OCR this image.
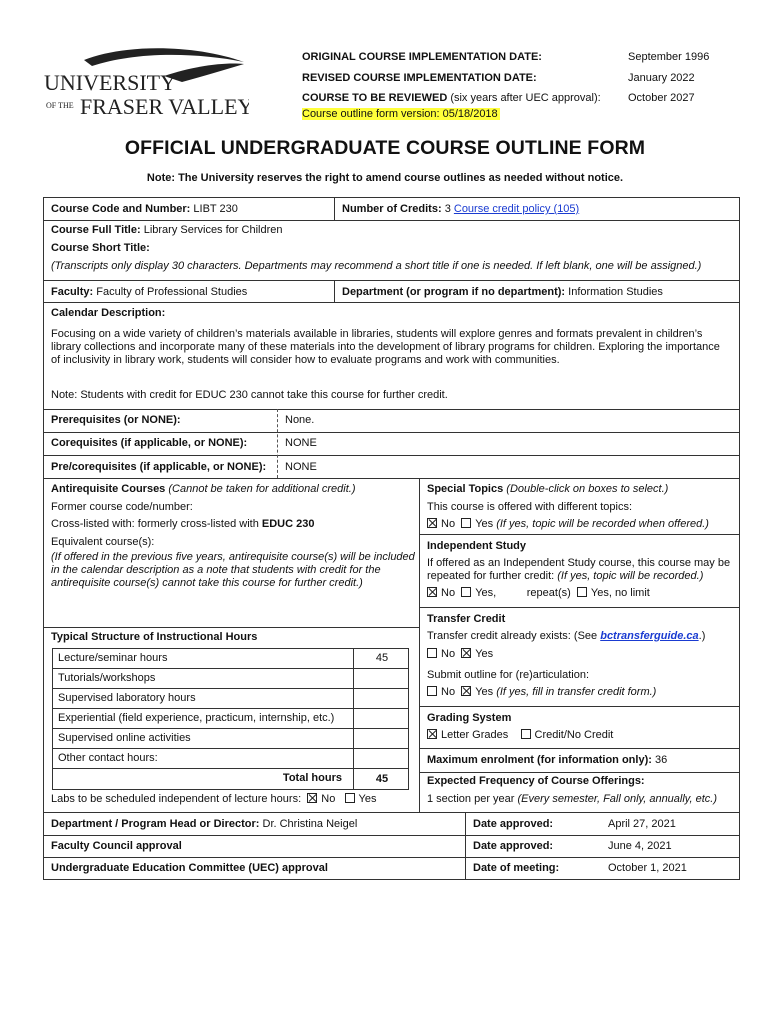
UNIVERSITY
OF THE FRASER VALLEY
ORIGINAL COURSE IMPLEMENTATION DATE:	September 1996
REVISED COURSE IMPLEMENTATION DATE:	January 2022
COURSE TO BE REVIEWED (six years after UEC approval): October 2027
Course outline form version: 05/18/2018
OFFICIAL UNDERGRADUATE COURSE OUTLINE FORM
Note: The University reserves the right to amend course outlines as needed without notice.
Course Code and Number: LIBT 230	Number of Credits: 3 Course credit policy (105)
Course Full Title: Library Services for Children
Course Short Title:
(Transcripts only display 30 characters. Departments may recommend a short title if one is needed. If left blank, one will be assigned.)
Faculty: Faculty of Professional Studies	Department (or program if no department): Information Studies
Calendar Description:
Focusing on a wide variety of children’s materials available in libraries, students will explore genres and formats prevalent in children’s library collections and incorporate many of these materials into the development of library programs for children. Exploring the importance of inclusivity in library work, students will consider how to evaluate programs and work with communities.
Note: Students with credit for EDUC 230 cannot take this course for further credit.
Prerequisites (or NONE):	None.
Corequisites (if applicable, or NONE):	NONE
Pre/corequisites (if applicable, or NONE): NONE
Antirequisite Courses (Cannot be taken for additional credit.)
Former course code/number:
Cross-listed with: formerly cross-listed with EDUC 230
Equivalent course(s):
(If offered in the previous five years, antirequisite course(s) will be included in the calendar description as a note that students with credit for the antirequisite course(s) cannot take this course for further credit.)
Special Topics (Double-click on boxes to select.)
This course is offered with different topics:
No Yes (If yes, topic will be recorded when offered.)
Independent Study
If offered as an Independent Study course, this course may be repeated for further credit: (If yes, topic will be recorded.)
No Yes,	repeat(s) Yes, no limit
Transfer Credit
Transfer credit already exists: (See bctransferguide.ca.)
No Yes
Submit outline for (re)articulation:
No Yes (If yes, fill in transfer credit form.)
Grading System
Letter Grades Credit/No Credit
Maximum enrolment (for information only): 36
Expected Frequency of Course Offerings:
1 section per year (Every semester, Fall only, annually, etc.)
Typical Structure of Instructional Hours
Lecture/seminar hours	45
Tutorials/workshops
Supervised laboratory hours
Experiential (field experience, practicum, internship, etc.)
Supervised online activities
Other contact hours:
Total hours	45
Labs to be scheduled independent of lecture hours: No Yes
Department / Program Head or Director: Dr. Christina Neigel	Date approved:	April 27, 2021
Faculty Council approval	Date approved:	June 4, 2021
Undergraduate Education Committee (UEC) approval	Date of meeting:	October 1, 2021
